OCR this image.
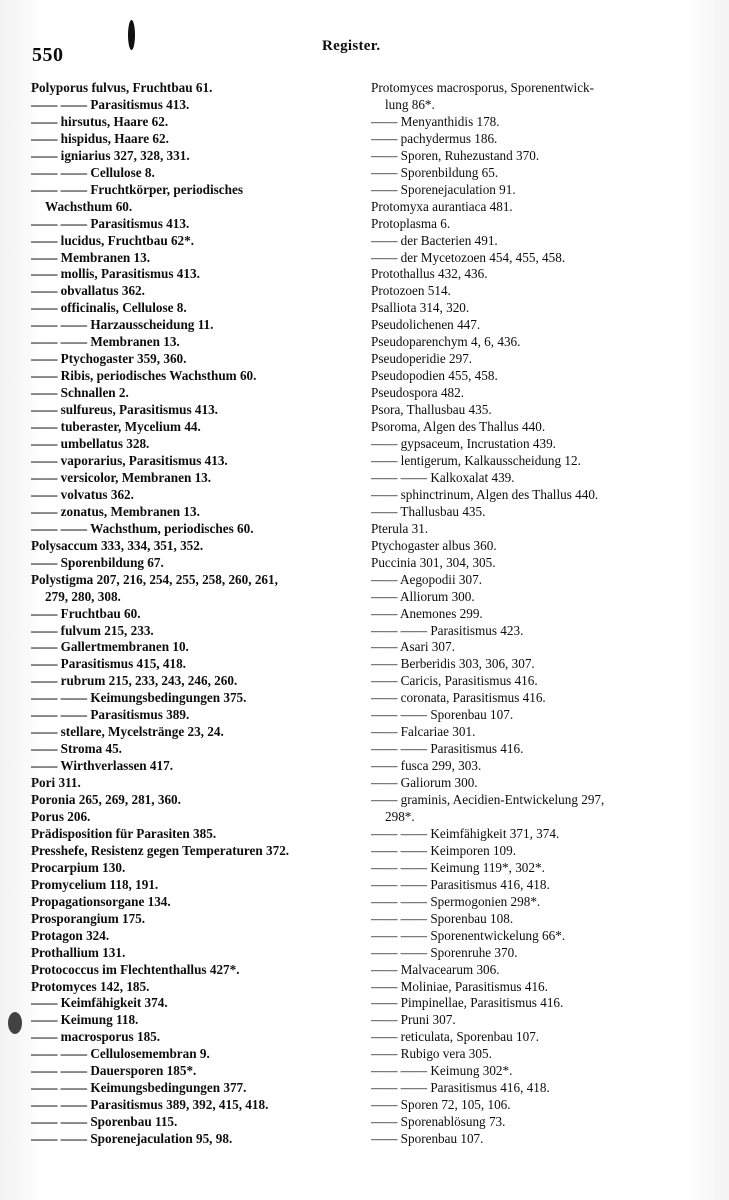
550	Register.
Polyporus fulvus, Fruchtbau 61.
—— —— Parasitismus 413.
—— hirsutus, Haare 62.
—— hispidus, Haare 62.
—— igniarius 327, 328, 331.
—— —— Cellulose 8.
—— —— Fruchtkörper, periodisches
Wachsthum 60.
—— —— Parasitismus 413.
—— lucidus, Fruchtbau 62*.
—— Membranen 13.
—— mollis, Parasitismus 413.
—— obvallatus 362.
—— officinalis, Cellulose 8.
—— —— Harzausscheidung 11.
—— —— Membranen 13.
—— Ptychogaster 359, 360.
—— Ribis, periodisches Wachsthum 60.
—— Schnallen 2.
—— sulfureus, Parasitismus 413.
—— tuberaster, Mycelium 44.
—— umbellatus 328.
—— vaporarius, Parasitismus 413.
—— versicolor, Membranen 13.
—— volvatus 362.
—— zonatus, Membranen 13.
—— —— Wachsthum, periodisches 60.
Polysaccum 333, 334, 351, 352.
—— Sporenbildung 67.
Polystigma 207, 216, 254, 255, 258, 260, 261,
279, 280, 308.
—— Fruchtbau 60.
—— fulvum 215, 233.
—— Gallertmembranen 10.
—— Parasitismus 415, 418.
—— rubrum 215, 233, 243, 246, 260.
—— —— Keimungsbedingungen 375.
—— —— Parasitismus 389.
—— stellare, Mycelstränge 23, 24.
—— Stroma 45.
—— Wirthverlassen 417.
Pori 311.
Poronia 265, 269, 281, 360.
Porus 206.
Prädisposition für Parasiten 385.
Presshefe, Resistenz gegen Temperaturen 372.
Procarpium 130.
Promycelium 118, 191.
Propagationsorgane 134.
Prosporangium 175.
Protagon 324.
Prothallium 131.
Protococcus im Flechtenthallus 427*.
Protomyces 142, 185.
—— Keimfähigkeit 374.
—— Keimung 118.
—— macrosporus 185.
—— —— Cellulosemembran 9.
—— —— Dauersporen 185*.
—— —— Keimungsbedingungen 377.
—— —— Parasitismus 389, 392, 415, 418.
—— —— Sporenbau 115.
—— —— Sporenejaculation 95, 98.
Protomyces macrosporus, Sporenentwick-
lung 86*.
—— Menyanthidis 178.
—— pachydermus 186.
—— Sporen, Ruhezustand 370.
—— Sporenbildung 65.
—— Sporenejaculation 91.
Protomyxa aurantiaca 481.
Protoplasma 6.
—— der Bacterien 491.
—— der Mycetozoen 454, 455, 458.
Protothallus 432, 436.
Protozoen 514.
Psalliota 314, 320.
Pseudolichenen 447.
Pseudoparenchym 4, 6, 436.
Pseudoperidie 297.
Pseudopodien 455, 458.
Pseudospora 482.
Psora, Thallusbau 435.
Psoroma, Algen des Thallus 440.
—— gypsaceum, Incrustation 439.
—— lentigerum, Kalkausscheidung 12.
—— —— Kalkoxalat 439.
—— sphinctrinum, Algen des Thallus 440.
—— Thallusbau 435.
Pterula 31.
Ptychogaster albus 360.
Puccinia 301, 304, 305.
—— Aegopodii 307.
—— Alliorum 300.
—— Anemones 299.
—— —— Parasitismus 423.
—— Asari 307.
—— Berberidis 303, 306, 307.
—— Caricis, Parasitismus 416.
—— coronata, Parasitismus 416.
—— —— Sporenbau 107.
—— Falcariae 301.
—— —— Parasitismus 416.
—— fusca 299, 303.
—— Galiorum 300.
—— graminis, Aecidien-Entwickelung 297,
298*.
—— —— Keimfähigkeit 371, 374.
—— —— Keimporen 109.
—— —— Keimung 119*, 302*.
—— —— Parasitismus 416, 418.
—— —— Spermogonien 298*.
—— —— Sporenbau 108.
—— —— Sporenentwickelung 66*.
—— —— Sporenruhe 370.
—— Malvacearum 306.
—— Moliniae, Parasitismus 416.
—— Pimpinellae, Parasitismus 416.
—— Pruni 307.
—— reticulata, Sporenbau 107.
—— Rubigo vera 305.
—— —— Keimung 302*.
—— —— Parasitismus 416, 418.
—— Sporen 72, 105, 106.
—— Sporenablösung 73.
—— Sporenbau 107.
